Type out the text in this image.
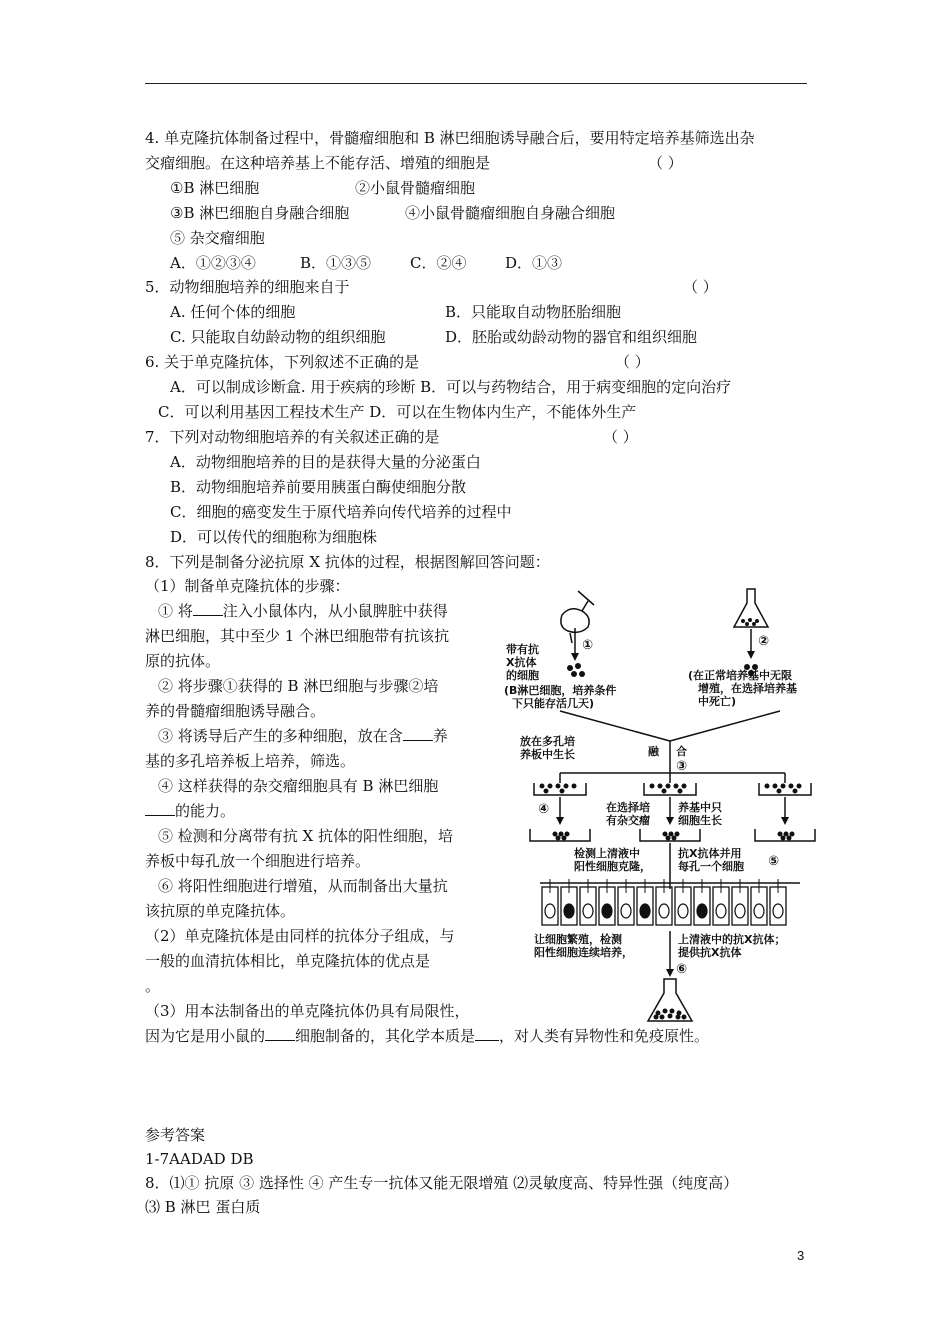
4. 单克隆抗体制备过程中，骨髓瘤细胞和 B 淋巴细胞诱导融合后，要用特定培养基筛选出杂
交瘤细胞。在这种培养基上不能存活、增殖的细胞是	（ ）
①B 淋巴细胞	②小鼠骨髓瘤细胞
③B 淋巴细胞自身融合细胞	④小鼠骨髓瘤细胞自身融合细胞
⑤ 杂交瘤细胞
A．①②③④	B．①③⑤	C．②④	D．①③
5．动物细胞培养的细胞来自于	（ ）
A. 任何个体的细胞	B．只能取自动物胚胎细胞
C. 只能取自幼龄动物的组织细胞	D．胚胎或幼龄动物的器官和组织细胞
6. 关于单克隆抗体，下列叙述不正确的是	（ ）
A．可以制成诊断盒. 用于疾病的珍断 B．可以与药物结合，用于病变细胞的定向治疗
C．可以利用基因工程技术生产 D．可以在生物体内生产，不能体外生产
7．下列对动物细胞培养的有关叙述正确的是	（ ）
A．动物细胞培养的目的是获得大量的分泌蛋白
B．动物细胞培养前要用胰蛋白酶使细胞分散
C．细胞的癌变发生于原代培养向传代培养的过程中
D．可以传代的细胞称为细胞株
8．下列是制备分泌抗原 X 抗体的过程，根据图解回答问题：
（1）制备单克隆抗体的步骤：
① 将 注入小鼠体内，从小鼠脾脏中获得
淋巴细胞，其中至少 1 个淋巴细胞带有抗该抗
原的抗体。
② 将步骤①获得的 B 淋巴细胞与步骤②培
养的骨髓瘤细胞诱导融合。
③ 将诱导后产生的多种细胞，放在含 养
基的多孔培养板上培养，筛选。
④ 这样获得的杂交瘤细胞具有 B 淋巴细胞
的能力。
⑤ 检测和分离带有抗 X 抗体的阳性细胞，培
养板中每孔放一个细胞进行培养。
⑥ 将阳性细胞进行增殖，从而制备出大量抗
该抗原的单克隆抗体。
（2）单克隆抗体是由同样的抗体分子组成，与
一般的血清抗体相比，单克隆抗体的优点是
。
（3）用本法制备出的单克隆抗体仍具有局限性，
因为它是用小鼠的 细胞制备的，其化学本质是 ，对人类有异物性和免疫原性。
①
带有抗
X抗体
的细胞
(B淋巴细胞，培养条件
下只能存活几天)
②
(在正常培养基中无限
增殖，在选择培养基
中死亡)
融 合
③
放在多孔培
养板中生长
④	在选择培
有杂交瘤
养基中只
细胞生长
检测上清液中
阳性细胞克隆，
抗X抗体并用
每孔一个细胞 ⑤
让细胞繁殖，检测
阳性细胞连续培养，
上清液中的抗X抗体；
提供抗X抗体
⑥
参考答案
1-7AADAD DB
8．⑴① 抗原 ③ 选择性 ④ 产生专一抗体又能无限增殖 ⑵灵敏度高、特异性强（纯度高）
⑶ B 淋巴 蛋白质
3
